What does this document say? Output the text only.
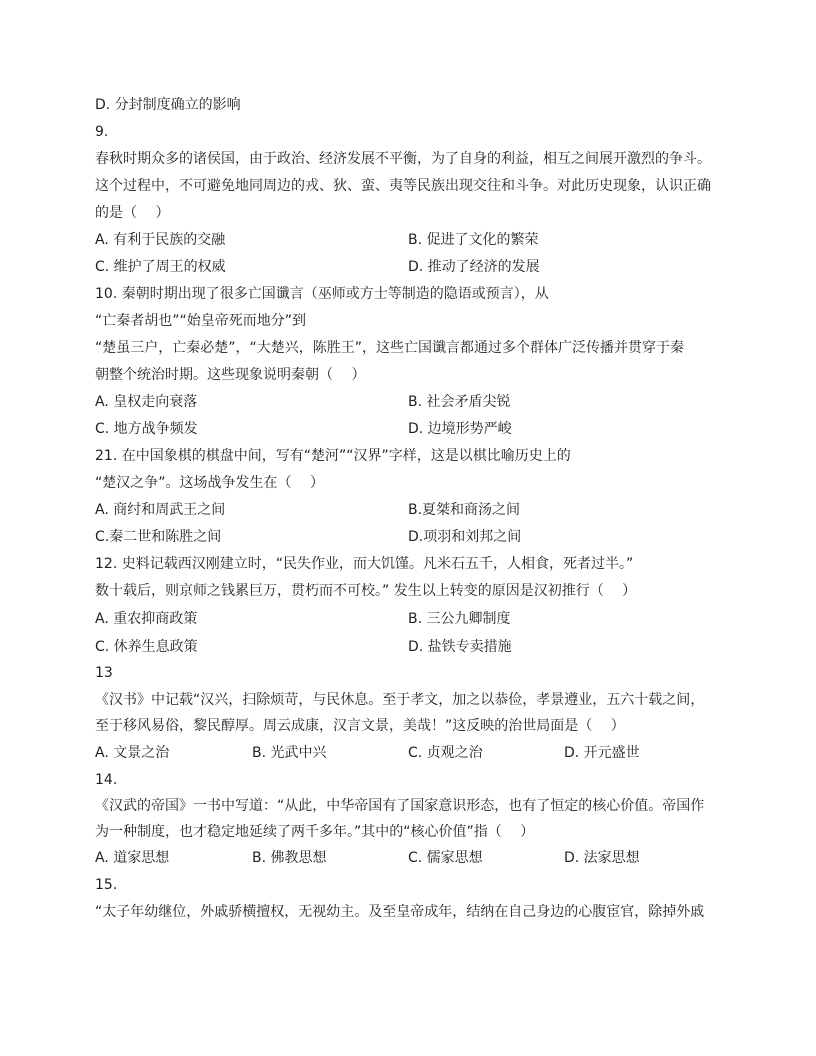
D. 分封制度确立的影响
9.
春秋时期众多的诸侯国，由于政治、经济发展不平衡，为了自身的利益，相互之间展开激烈的争斗。
这个过程中，不可避免地同周边的戎、狄、蛮、夷等民族出现交往和斗争。对此历史现象，认识正确
的是（　 ）
A. 有利于民族的交融	B. 促进了文化的繁荣
C. 维护了周王的权威	D. 推动了经济的发展
10. 秦朝时期出现了很多亡国谶言（巫师或方士等制造的隐语或预言），从
“亡秦者胡也”“始皇帝死而地分”到
“楚虽三户，亡秦必楚”，“大楚兴，陈胜王”，这些亡国谶言都通过多个群体广泛传播并贯穿于秦
朝整个统治时期。这些现象说明秦朝（　 ）
A. 皇权走向衰落	B. 社会矛盾尖锐
C. 地方战争频发	D. 边境形势严峻
21. 在中国象棋的棋盘中间，写有“楚河”“汉界”字样，这是以棋比喻历史上的
“楚汉之争”。这场战争发生在（　 ）
A. 商纣和周武王之间	B.夏桀和商汤之间
C.秦二世和陈胜之间	D.项羽和刘邦之间
12. 史料记载西汉刚建立时，“民失作业，而大饥馑。凡米石五千，人相食，死者过半。”
数十载后，则京师之钱累巨万，贯朽而不可校。” 发生以上转变的原因是汉初推行（　 ）
A. 重农抑商政策	B. 三公九卿制度
C. 休养生息政策	D. 盐铁专卖措施
13
《汉书》中记载“汉兴，扫除烦苛，与民休息。至于孝文，加之以恭俭，孝景遵业，五六十载之间，
至于移风易俗，黎民醇厚。周云成康，汉言文景，美哉！”这反映的治世局面是（　 ）
A. 文景之治	B. 光武中兴	C. 贞观之治	D. 开元盛世
14.
《汉武的帝国》一书中写道：“从此，中华帝国有了国家意识形态，也有了恒定的核心价值。帝国作
为一种制度，也才稳定地延续了两千多年。”其中的“核心价值”指（　 ）
A. 道家思想	B. 佛教思想	C. 儒家思想	D. 法家思想
15.
“太子年幼继位，外戚骄横擅权，无视幼主。及至皇帝成年，结纳在自己身边的心腹宦官，除掉外戚
